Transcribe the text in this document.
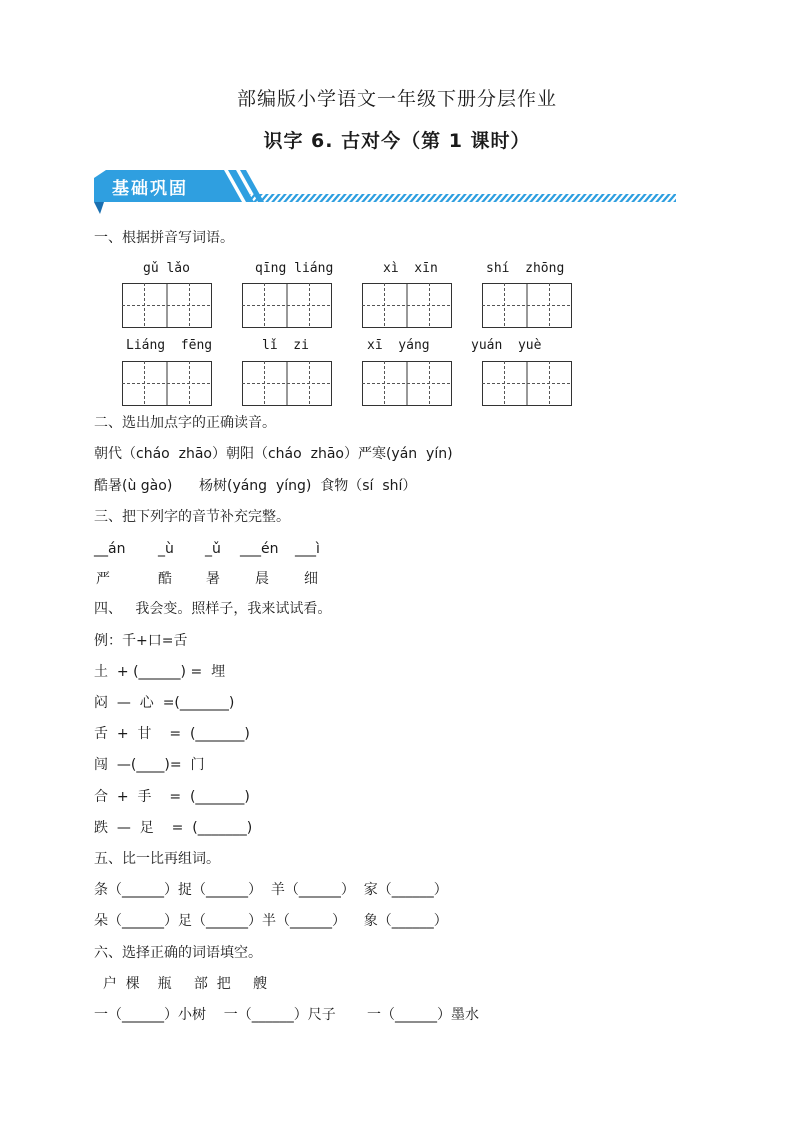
部编版小学语文一年级下册分层作业
识字 6. 古对今（第 1 课时）
基础巩固
一、根据拼音写词语。
gǔ lǎo	qīng liáng	xì  xīn	shí  zhōng
Liáng  fēng	lǐ  zi	xī  yáng	yuán  yuè
二、选出加点字的正确读音。
朝代（cháo  zhāo）朝阳（cháo  zhāo）严寒(yán  yín)
酷暑(ù gào)      杨树(yáng  yíng)  食物（sí  shí）
三、把下列字的音节补充完整。
__án _ù _ǔ ___én ___ì
严	酷 暑	晨	细
四、   我会变。照样子，我来试试看。
例：千+口=舌
土  + (______) =  埋
闷  —  心  =(_______)
舌  +  甘    =  (_______)
闯  —(____)=  门
合  +  手    =  (_______)
跌  —  足    =  (_______)
五、比一比再组词。
条（______）捉（______）  羊（______）  家（______）
朵（______）足（______）半（______）    象（______）
六、选择正确的词语填空。
户  棵    瓶     部  把     艘
一（______）小树    一（______）尺子       一（______）墨水
